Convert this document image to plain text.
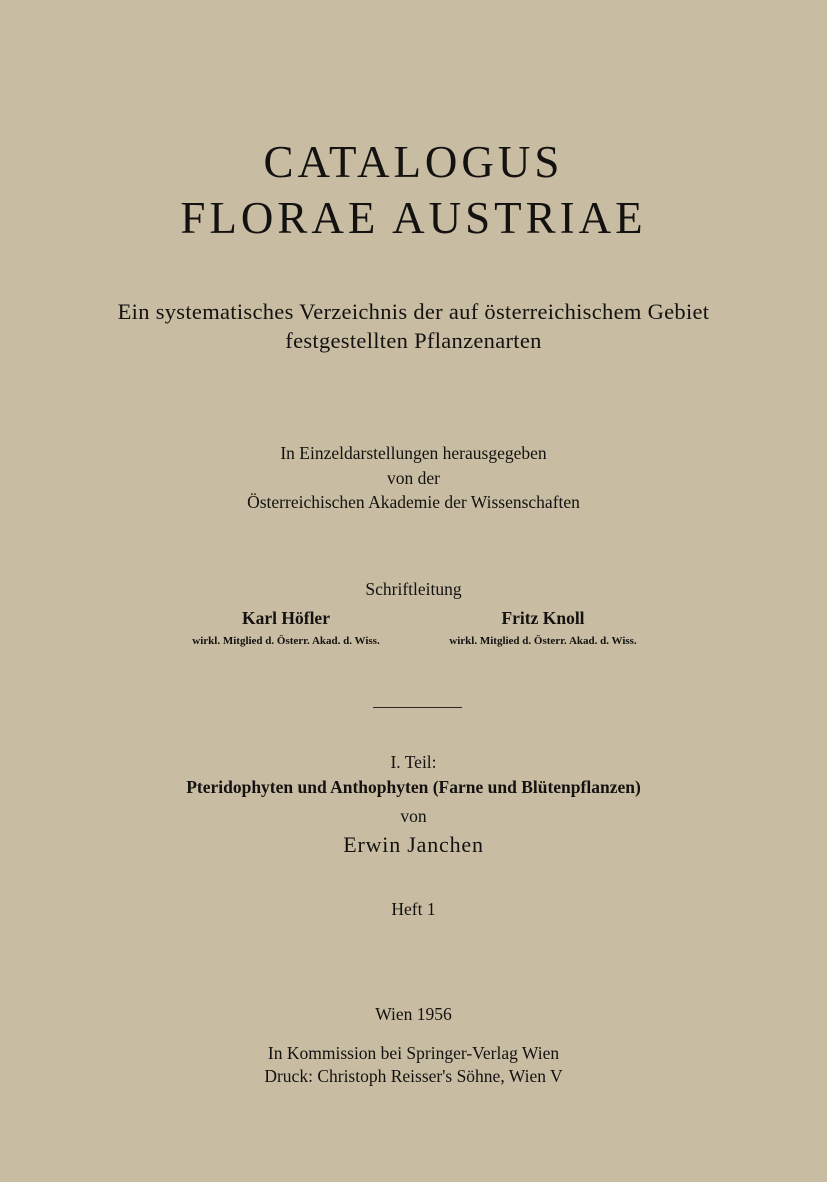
CATALOGUS
FLORAE AUSTRIAE
Ein systematisches Verzeichnis der auf österreichischem Gebiet
festgestellten Pflanzenarten
In Einzeldarstellungen herausgegeben
von der
Österreichischen Akademie der Wissenschaften
Schriftleitung
Karl Höfler
wirkl. Mitglied d. Österr. Akad. d. Wiss.
Fritz Knoll
wirkl. Mitglied d. Österr. Akad. d. Wiss.
I. Teil:
Pteridophyten und Anthophyten (Farne und Blütenpflanzen)
von
Erwin Janchen
Heft 1
Wien 1956
In Kommission bei Springer-Verlag Wien
Druck: Christoph Reisser's Söhne, Wien V
